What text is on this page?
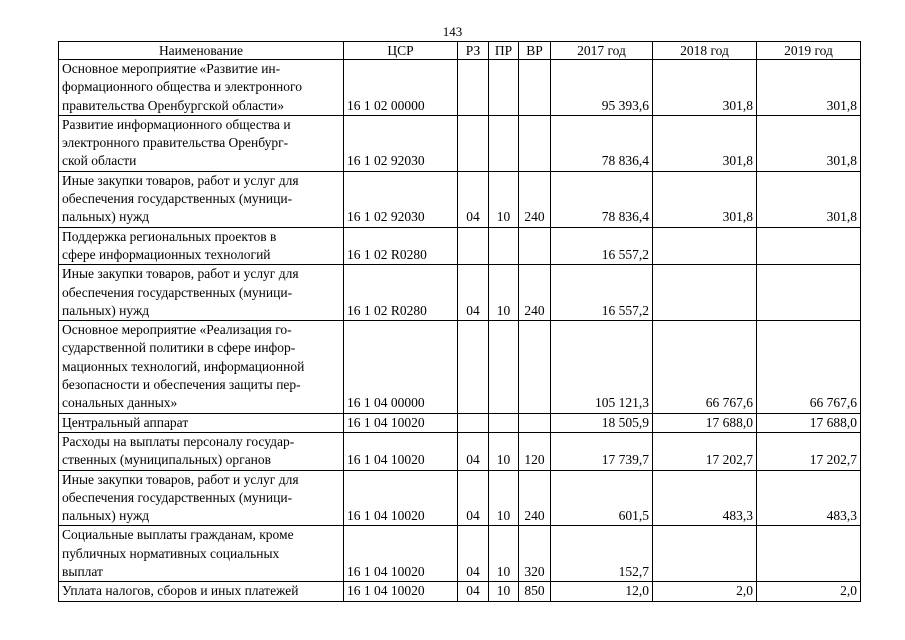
143
Наименование	ЦСР	РЗ	ПР	ВР	2017 год	2018 год	2019 год

Основное мероприятие «Развитие ин-
формационного общества и электронного
правительства Оренбургской области»	16 1 02 00000				95 393,6	301,8	301,8

Развитие информационного общества и
электронного правительства Оренбург-
ской области	16 1 02 92030				78 836,4	301,8	301,8

Иные закупки товаров, работ и услуг для
обеспечения государственных (муници-
пальных) нужд	16 1 02 92030	04	10	240	78 836,4	301,8	301,8

Поддержка региональных проектов в
сфере информационных технологий	16 1 02 R0280				16 557,2		

Иные закупки товаров, работ и услуг для
обеспечения государственных (муници-
пальных) нужд	16 1 02 R0280	04	10	240	16 557,2		

Основное мероприятие «Реализация го-
сударственной политики в сфере инфор-
мационных технологий, информационной
безопасности и обеспечения защиты пер-
сональных данных»	16 1 04 00000				105 121,3	66 767,6	66 767,6

Центральный аппарат	16 1 04 10020				18 505,9	17 688,0	17 688,0

Расходы на выплаты персоналу государ-
ственных (муниципальных) органов	16 1 04 10020	04	10	120	17 739,7	17 202,7	17 202,7

Иные закупки товаров, работ и услуг для
обеспечения государственных (муници-
пальных) нужд	16 1 04 10020	04	10	240	601,5	483,3	483,3

Социальные выплаты гражданам, кроме
публичных нормативных социальных
выплат	16 1 04 10020	04	10	320	152,7		

Уплата налогов, сборов и иных платежей	16 1 04 10020	04	10	850	12,0	2,0	2,0
